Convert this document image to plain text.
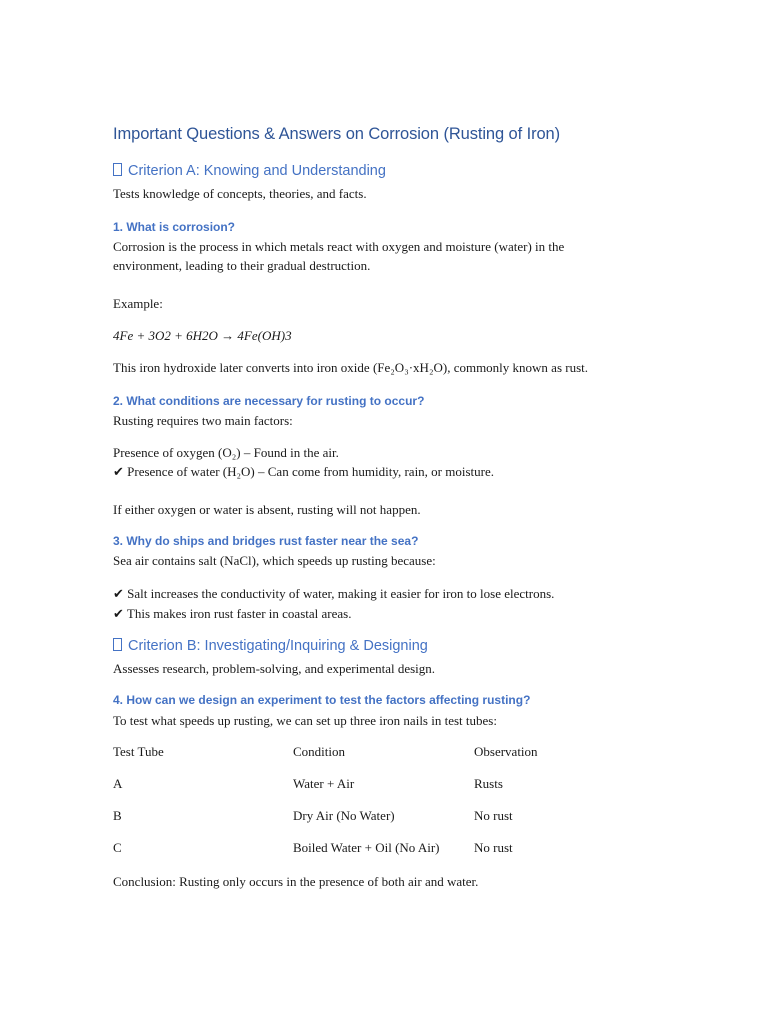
Important Questions & Answers on Corrosion (Rusting of Iron)
Criterion A: Knowing and Understanding

Tests knowledge of concepts, theories, and facts.

1. What is corrosion?

Corrosion is the process in which metals react with oxygen and moisture (water) in the environment, leading to their gradual destruction.

Example:

4Fe + 3O2 + 6H2O → 4Fe(OH)3

This iron hydroxide later converts into iron oxide (Fe₂O₃·xH₂O), commonly known as rust.

2. What conditions are necessary for rusting to occur?

Rusting requires two main factors:

Presence of oxygen (O₂) – Found in the air.

✔ Presence of water (H₂O) – Can come from humidity, rain, or moisture.

If either oxygen or water is absent, rusting will not happen.

3. Why do ships and bridges rust faster near the sea?

Sea air contains salt (NaCl), which speeds up rusting because:

✔ Salt increases the conductivity of water, making it easier for iron to lose electrons.

✔ This makes iron rust faster in coastal areas.

Criterion B: Investigating/Inquiring & Designing

Assesses research, problem-solving, and experimental design.

4. How can we design an experiment to test the factors affecting rusting?

To test what speeds up rusting, we can set up three iron nails in test tubes:

Test Tube	Condition	Observation

A	Water + Air	Rusts

B	Dry Air (No Water)	No rust

C	Boiled Water + Oil (No Air)	No rust

Conclusion: Rusting only occurs in the presence of both air and water.
